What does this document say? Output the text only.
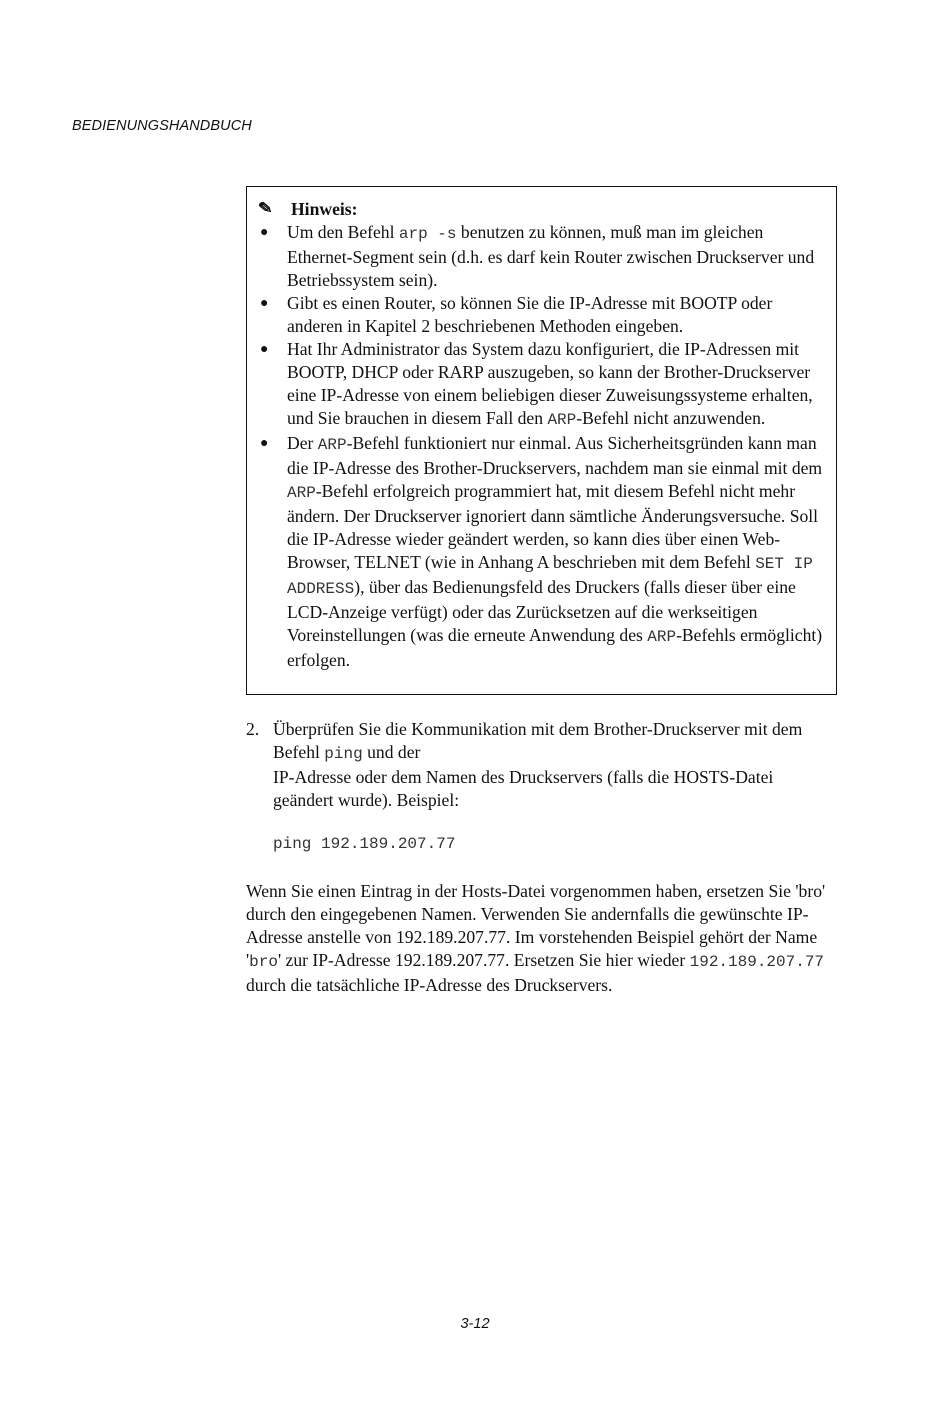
BEDIENUNGSHANDBUCH
✎	Hinweis:
● Um den Befehl arp -s benutzen zu können, muß man im gleichen Ethernet-Segment sein (d.h. es darf kein Router zwischen Druckserver und Betriebssystem sein).
● Gibt es einen Router, so können Sie die IP-Adresse mit BOOTP oder anderen in Kapitel 2 beschriebenen Methoden eingeben.
● Hat Ihr Administrator das System dazu konfiguriert, die IP-Adressen mit BOOTP, DHCP oder RARP auszugeben, so kann der Brother-Druckserver eine IP-Adresse von einem beliebigen dieser Zuweisungssysteme erhalten, und Sie brauchen in diesem Fall den ARP-Befehl nicht anzuwenden.
● Der ARP-Befehl funktioniert nur einmal. Aus Sicherheitsgründen kann man die IP-Adresse des Brother-Druckservers, nachdem man sie einmal mit dem ARP-Befehl erfolgreich programmiert hat, mit diesem Befehl nicht mehr ändern. Der Druckserver ignoriert dann sämtliche Änderungsversuche. Soll die IP-Adresse wieder geändert werden, so kann dies über einen Web-Browser, TELNET (wie in Anhang A beschrieben mit dem Befehl SET IP ADDRESS), über das Bedienungsfeld des Druckers (falls dieser über eine LCD-Anzeige verfügt) oder das Zurücksetzen auf die werkseitigen Voreinstellungen (was die erneute Anwendung des ARP-Befehls ermöglicht) erfolgen.
2. Überprüfen Sie die Kommunikation mit dem Brother-Druckserver mit dem Befehl ping und der
IP-Adresse oder dem Namen des Druckservers (falls die HOSTS-Datei geändert wurde). Beispiel:
ping 192.189.207.77
Wenn Sie einen Eintrag in der Hosts-Datei vorgenommen haben, ersetzen Sie 'bro' durch den eingegebenen Namen. Verwenden Sie andernfalls die gewünschte IP-Adresse anstelle von 192.189.207.77. Im vorstehenden Beispiel gehört der Name 'bro' zur IP-Adresse 192.189.207.77. Ersetzen Sie hier wieder 192.189.207.77 durch die tatsächliche IP-Adresse des Druckservers.
3-12
